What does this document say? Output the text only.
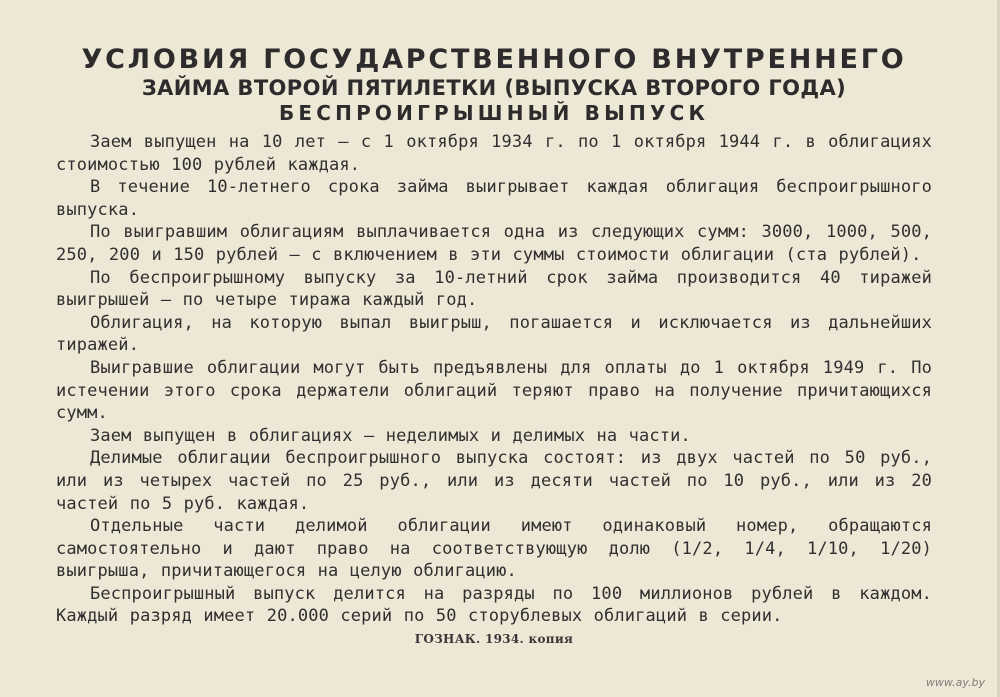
УСЛОВИЯ ГОСУДАРСТВЕННОГО ВНУТРЕННЕГО
ЗАЙМА ВТОРОЙ ПЯТИЛЕТКИ (ВЫПУСКА ВТОРОГО ГОДА)
БЕСПРОИГРЫШНЫЙ ВЫПУСК

Заем выпущен на 10 лет — с 1 октября 1934 г. по 1 октября 1944 г. в облигациях стоимостью 100 рублей каждая.

В течение 10-летнего срока займа выигрывает каждая облигация беспроигрышного выпуска.

По выигравшим облигациям выплачивается одна из следующих сумм: 3000, 1000, 500, 250, 200 и 150 рублей — с включением в эти суммы стоимости облигации (ста рублей).

По беспроигрышному выпуску за 10-летний срок займа производится 40 тиражей выигрышей — по четыре тиража каждый год.

Облигация, на которую выпал выигрыш, погашается и исключается из дальнейших тиражей.

Выигравшие облигации могут быть предъявлены для оплаты до 1 октября 1949 г. По истечении этого срока держатели облигаций теряют право на получение причитающихся сумм.

Заем выпущен в облигациях — неделимых и делимых на части.

Делимые облигации беспроигрышного выпуска состоят: из двух частей по 50 руб., или из четырех частей по 25 руб., или из десяти частей по 10 руб., или из 20 частей по 5 руб. каждая.

Отдельные части делимой облигации имеют одинаковый номер, обращаются самостоятельно и дают право на соответствующую долю (1/2, 1/4, 1/10, 1/20) выигрыша, причитающегося на целую облигацию.

Беспроигрышный выпуск делится на разряды по 100 миллионов рублей в каждом. Каждый разряд имеет 20.000 серий по 50 сторублевых облигаций в серии.

ГОЗНАК. 1934. копия
www.ay.by
